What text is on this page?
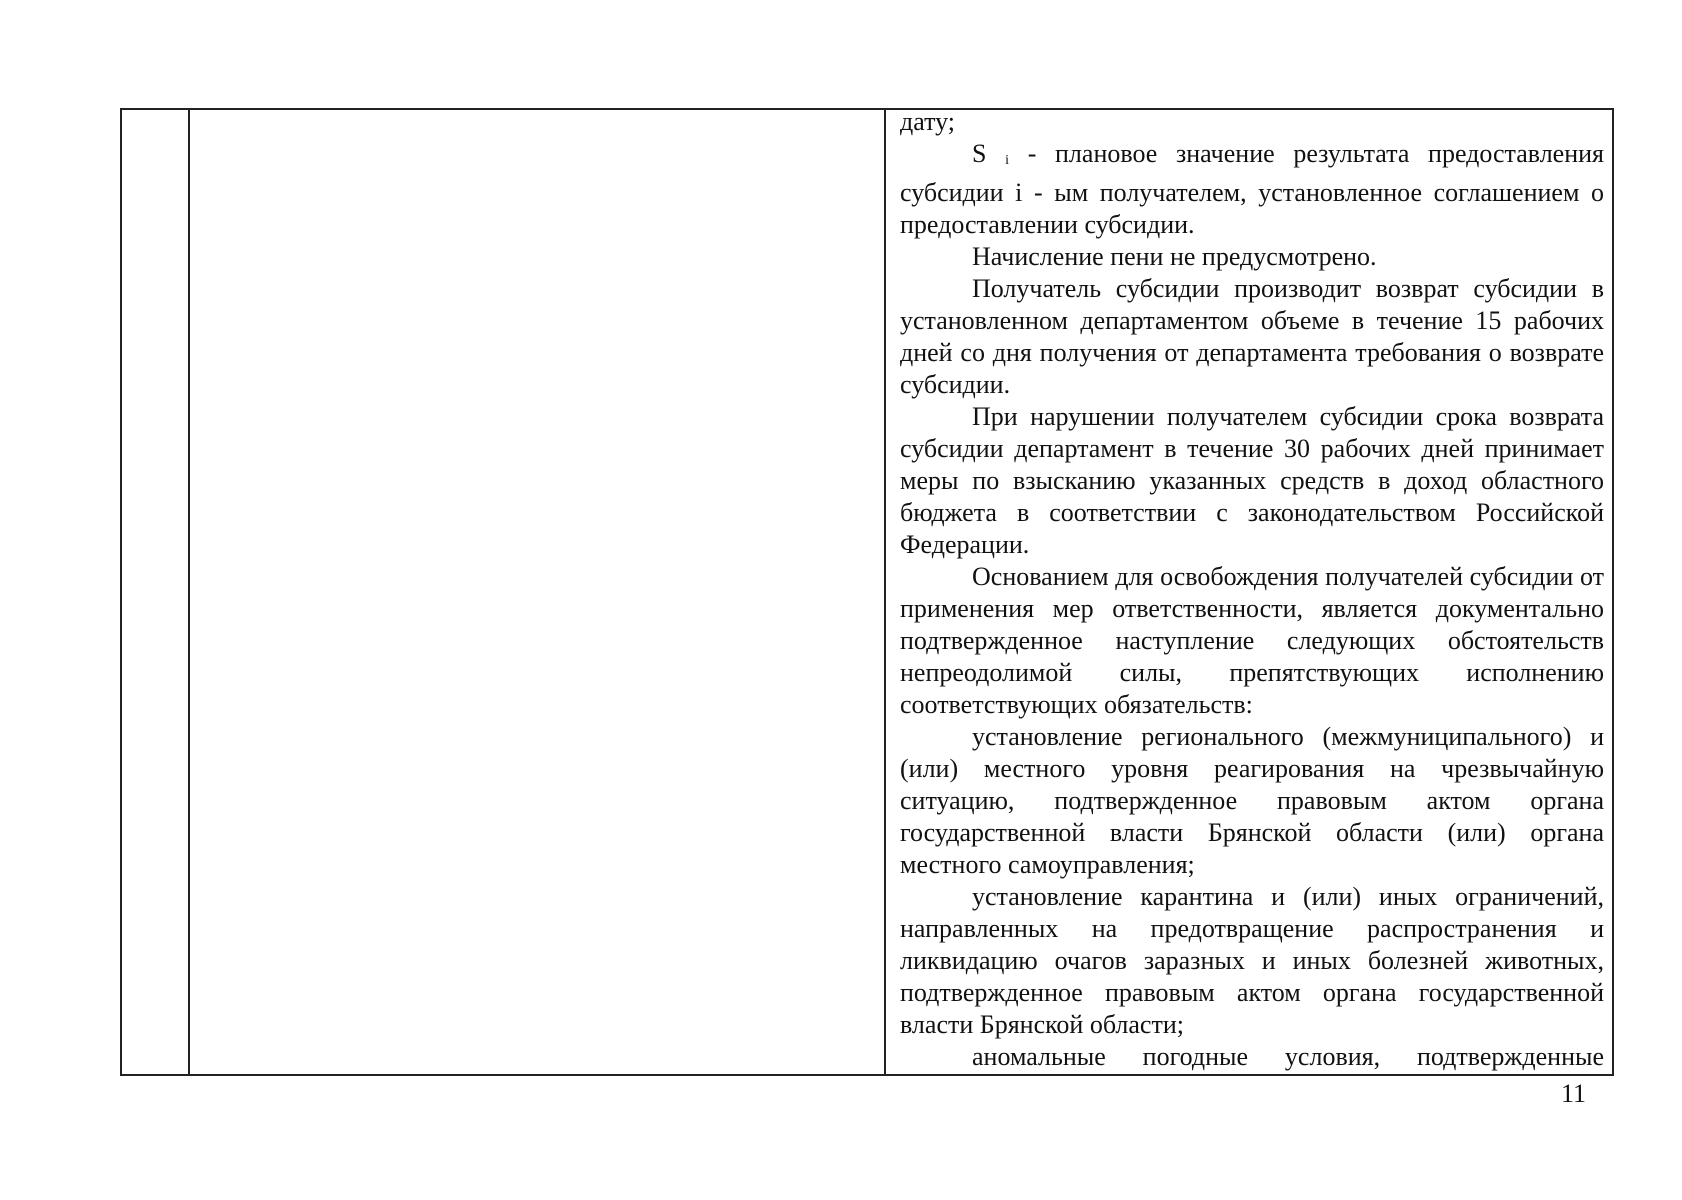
дату;

S i - плановое значение результата предоставления субсидии i - ым получателем, установленное соглашением о предоставлении субсидии.

Начисление пени не предусмотрено.

Получатель субсидии производит возврат субсидии в установленном департаментом объеме в течение 15 рабочих дней со дня получения от департамента требования о возврате субсидии.

При нарушении получателем субсидии срока возврата субсидии департамент в течение 30 рабочих дней принимает меры по взысканию указанных средств в доход областного бюджета в соответствии с законодательством Российской Федерации.

Основанием для освобождения получателей субсидии от применения мер ответственности, является документально подтвержденное наступление следующих обстоятельств непреодолимой силы, препятствующих исполнению соответствующих обязательств:

установление регионального (межмуниципального) и (или) местного уровня реагирования на чрезвычайную ситуацию, подтвержденное правовым актом органа государственной власти Брянской области (или) органа местного самоуправления;

установление карантина и (или) иных ограничений, направленных на предотвращение распространения и ликвидацию очагов заразных и иных болезней животных, подтвержденное правовым актом органа государственной власти Брянской области;

аномальные погодные условия, подтвержденные

11
